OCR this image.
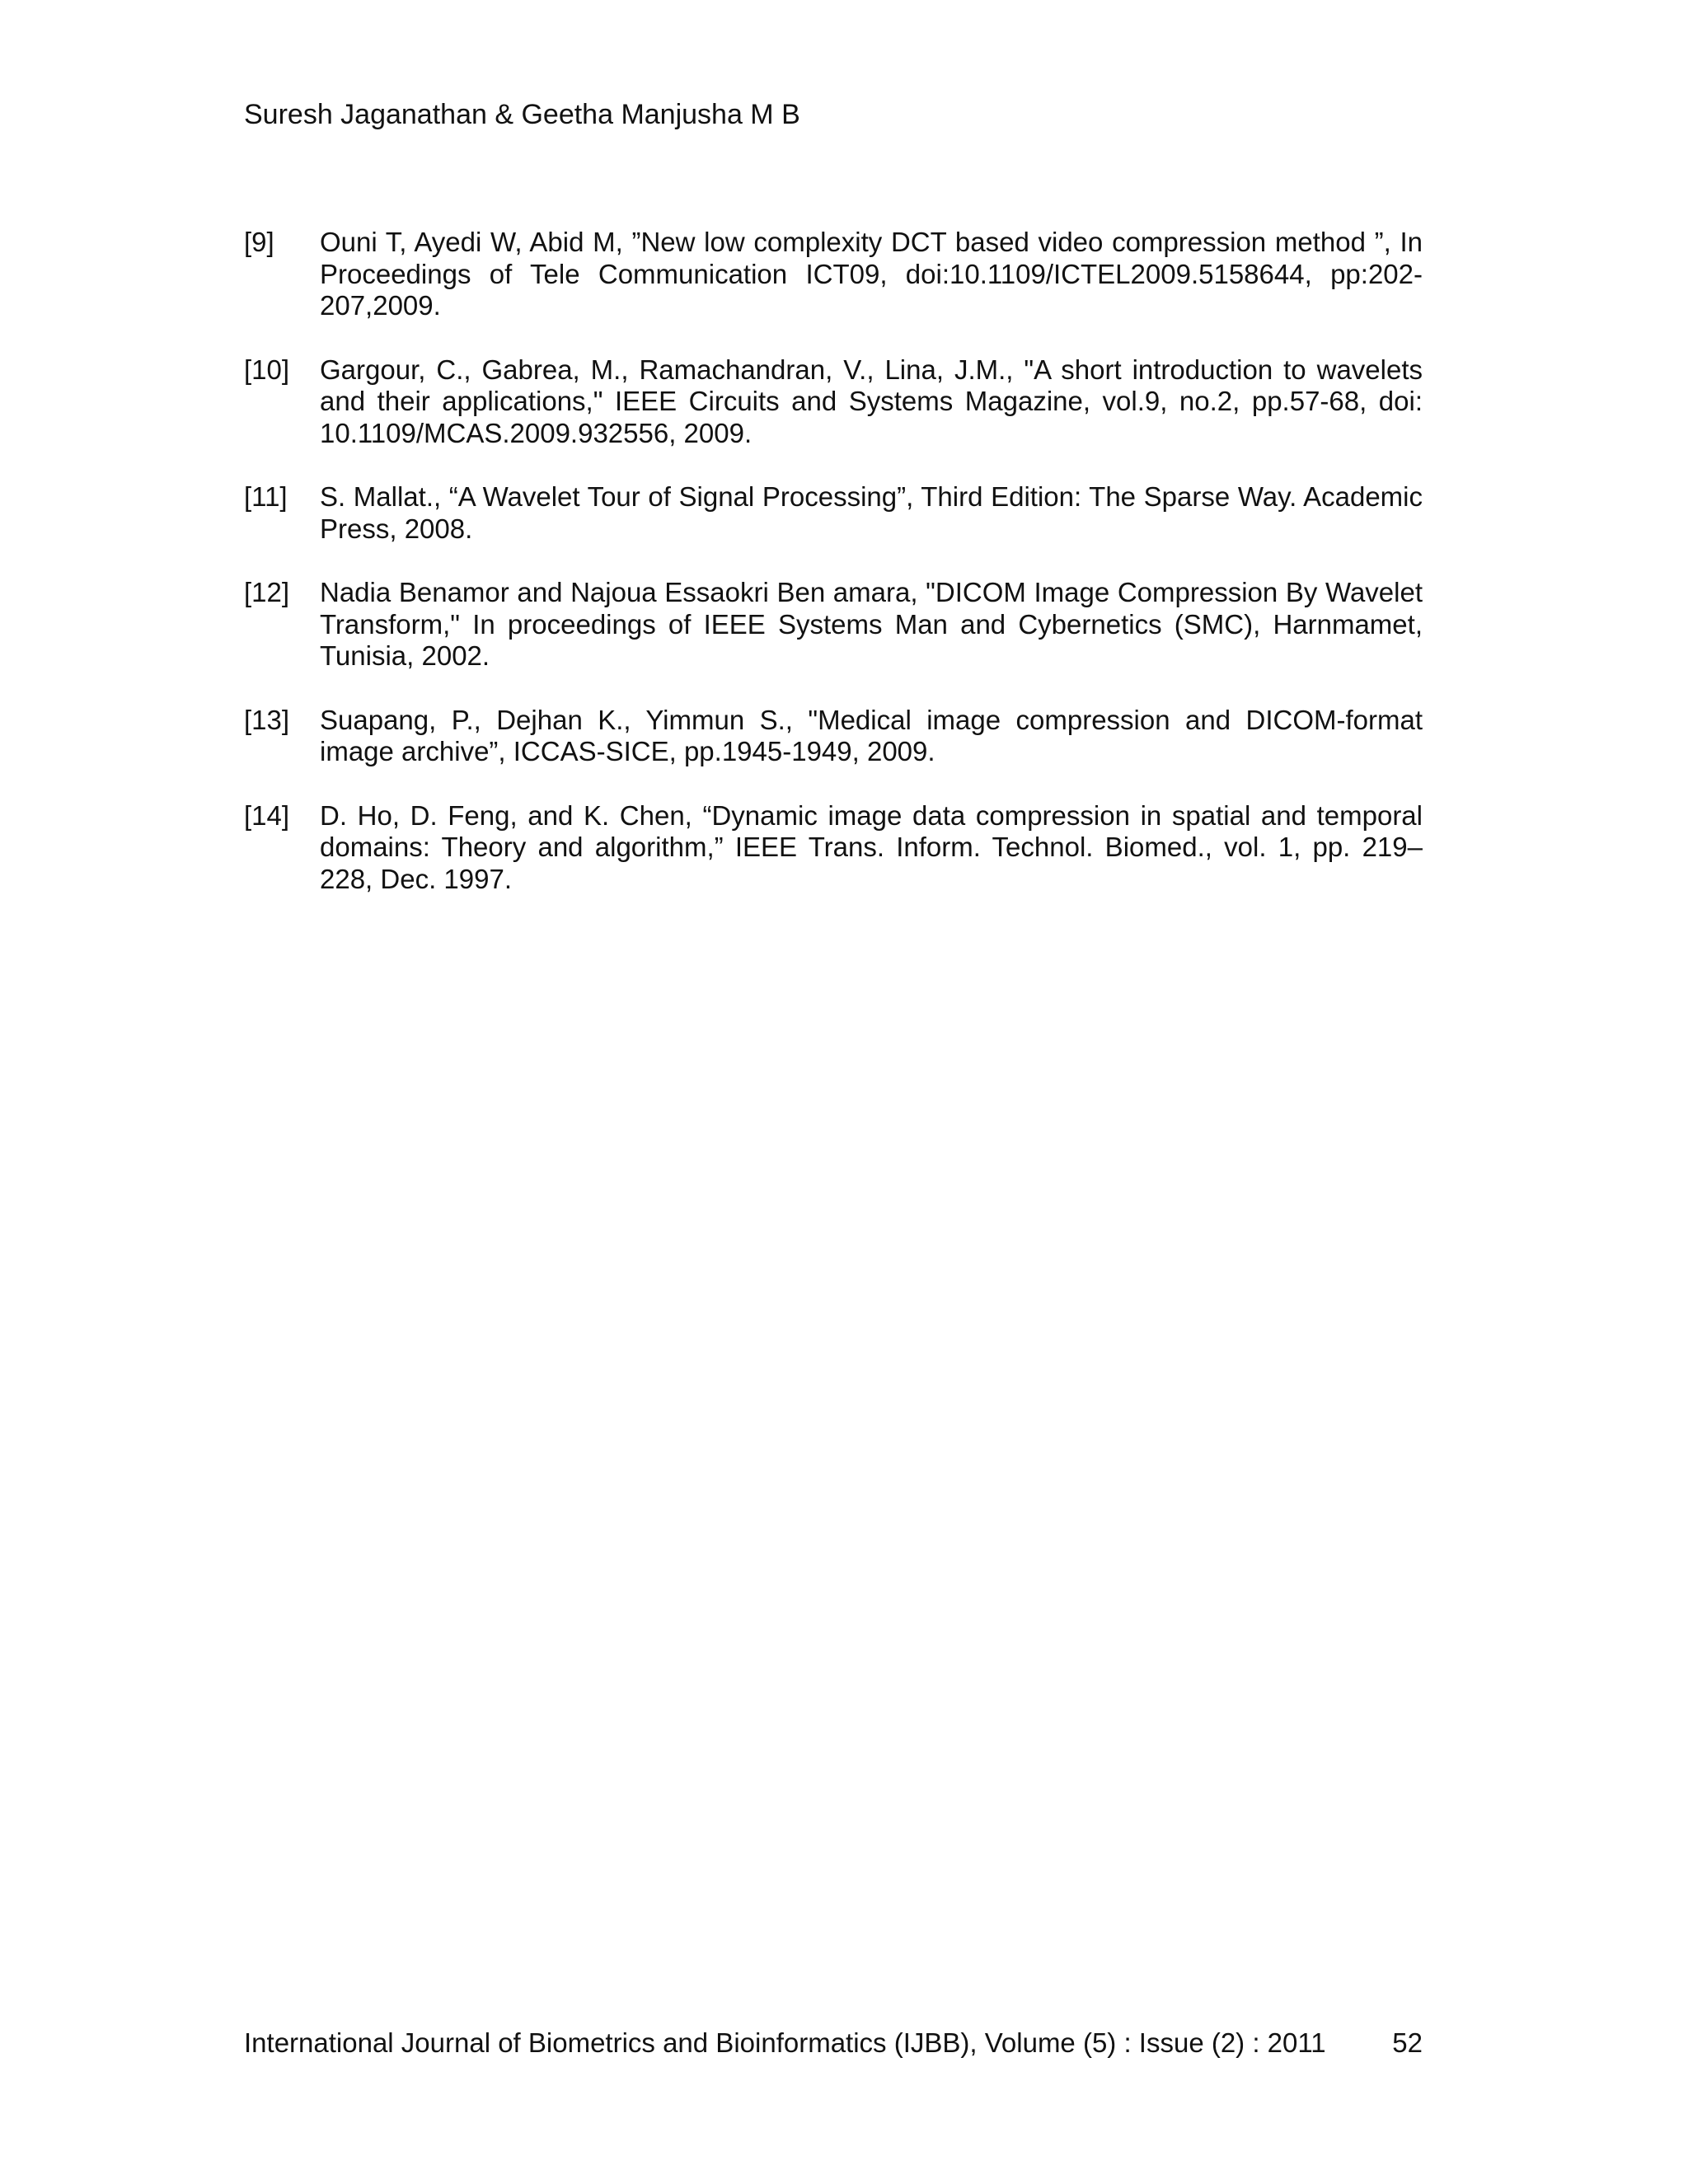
Suresh Jaganathan & Geetha Manjusha M B
[9]	Ouni T, Ayedi W, Abid M, ”New low complexity DCT based video compression method ”, In Proceedings of Tele Communication ICT09, doi:10.1109/ICTEL2009.5158644, pp:202-207,2009.
[10]	Gargour, C., Gabrea, M., Ramachandran, V., Lina, J.M., "A short introduction to wavelets and their applications," IEEE Circuits and Systems Magazine, vol.9, no.2, pp.57-68, doi: 10.1109/MCAS.2009.932556, 2009.
[11]	S. Mallat., “A Wavelet Tour of Signal Processing”, Third Edition: The Sparse Way. Academic Press, 2008.
[12]	Nadia Benamor and Najoua Essaokri Ben amara, "DICOM Image Compression By Wavelet Transform," In proceedings of IEEE Systems Man and Cybernetics (SMC), Harnmamet, Tunisia, 2002.
[13]	Suapang, P., Dejhan K., Yimmun S., "Medical image compression and DICOM-format image archive”, ICCAS-SICE, pp.1945-1949, 2009.
[14]	D. Ho, D. Feng, and K. Chen, “Dynamic image data compression in spatial and temporal domains: Theory and algorithm,” IEEE Trans. Inform. Technol. Biomed., vol. 1, pp. 219–228, Dec. 1997.
International Journal of Biometrics and Bioinformatics (IJBB), Volume (5) : Issue (2) : 2011 52
